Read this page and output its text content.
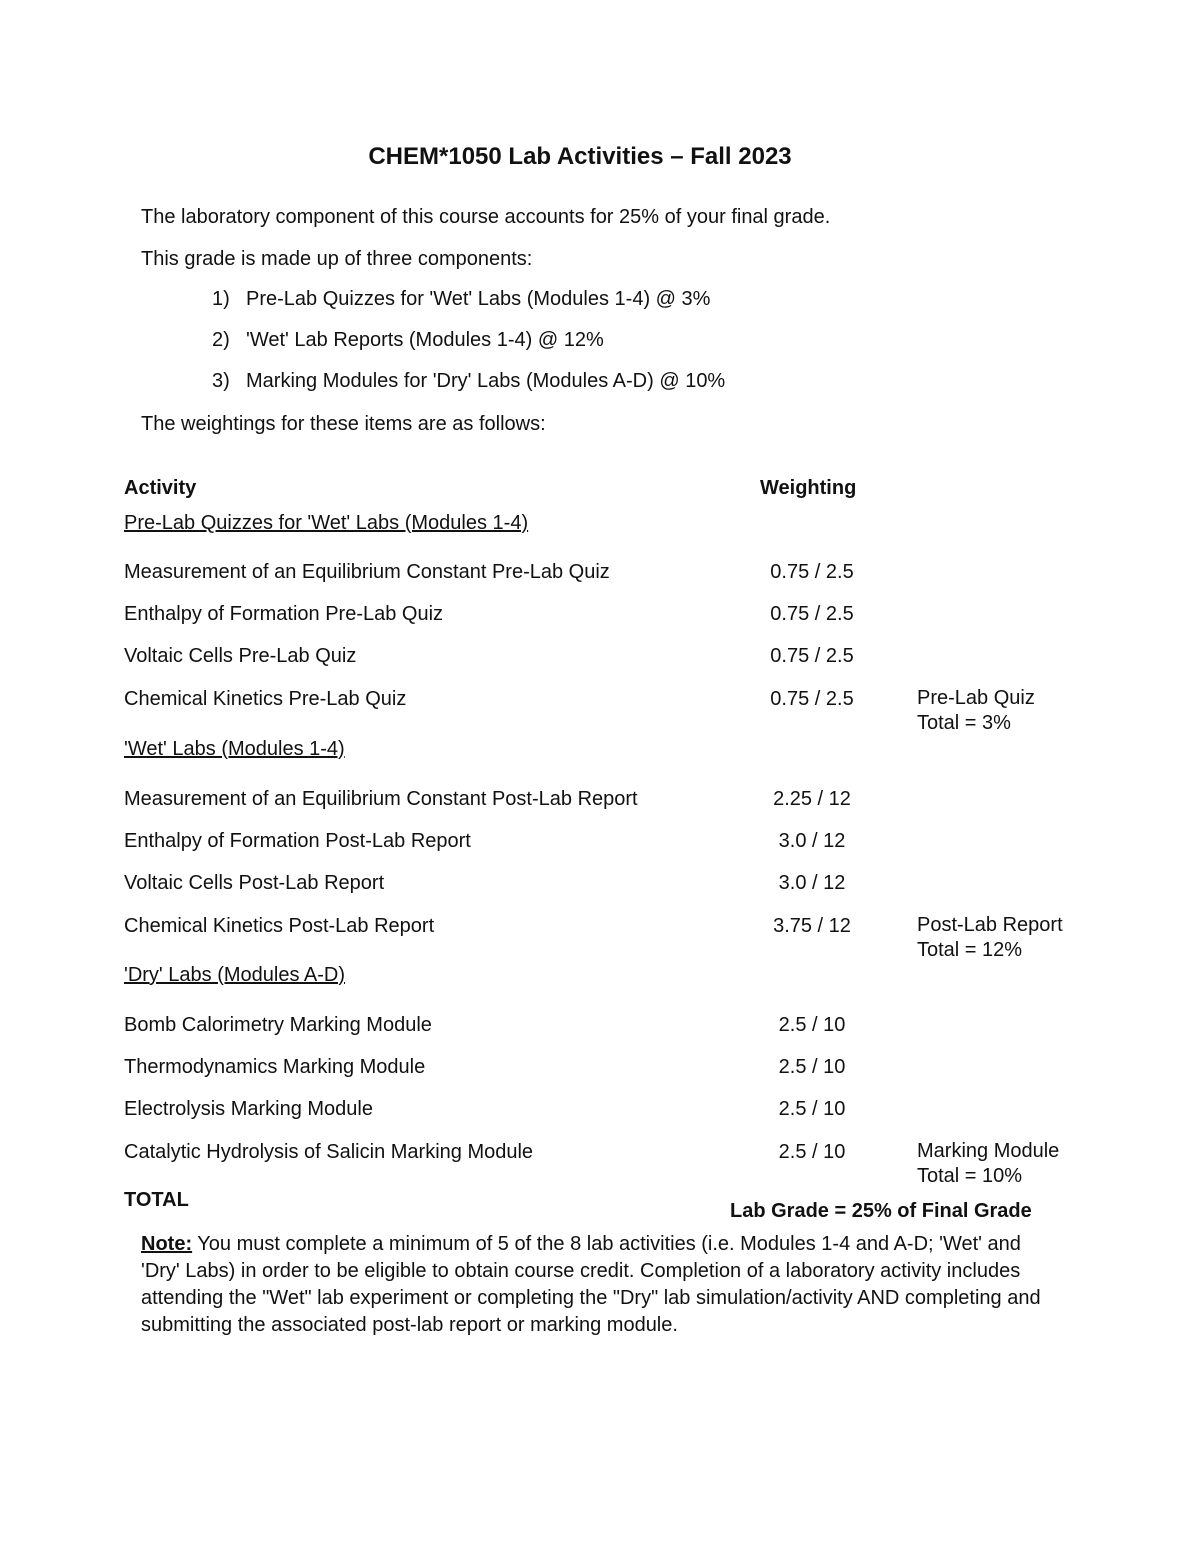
CHEM*1050 Lab Activities – Fall 2023
The laboratory component of this course accounts for 25% of your final grade.
This grade is made up of three components:
1) Pre-Lab Quizzes for 'Wet' Labs (Modules 1-4) @ 3%
2) 'Wet' Lab Reports (Modules 1-4) @ 12%
3) Marking Modules for 'Dry' Labs (Modules A-D) @ 10%
The weightings for these items are as follows:
Activity	Weighting
Pre-Lab Quizzes for 'Wet' Labs (Modules 1-4)
Measurement of an Equilibrium Constant Pre-Lab Quiz	0.75 / 2.5
Enthalpy of Formation Pre-Lab Quiz	0.75 / 2.5
Voltaic Cells Pre-Lab Quiz	0.75 / 2.5
Chemical Kinetics Pre-Lab Quiz	0.75 / 2.5	Pre-Lab Quiz
Total = 3%
'Wet' Labs (Modules 1-4)
Measurement of an Equilibrium Constant Post-Lab Report	2.25 / 12
Enthalpy of Formation Post-Lab Report	3.0 / 12
Voltaic Cells Post-Lab Report	3.0 / 12
Chemical Kinetics Post-Lab Report	3.75 / 12	Post-Lab Report
Total = 12%
'Dry' Labs (Modules A-D)
Bomb Calorimetry Marking Module	2.5 / 10
Thermodynamics Marking Module	2.5 / 10
Electrolysis Marking Module	2.5 / 10
Catalytic Hydrolysis of Salicin Marking Module	2.5 / 10	Marking Module
Total = 10%
TOTAL	Lab Grade = 25% of Final Grade
Note: You must complete a minimum of 5 of the 8 lab activities (i.e. Modules 1-4 and A-D; 'Wet' and 'Dry' Labs) in order to be eligible to obtain course credit. Completion of a laboratory activity includes attending the "Wet" lab experiment or completing the "Dry" lab simulation/activity AND completing and submitting the associated post-lab report or marking module.
